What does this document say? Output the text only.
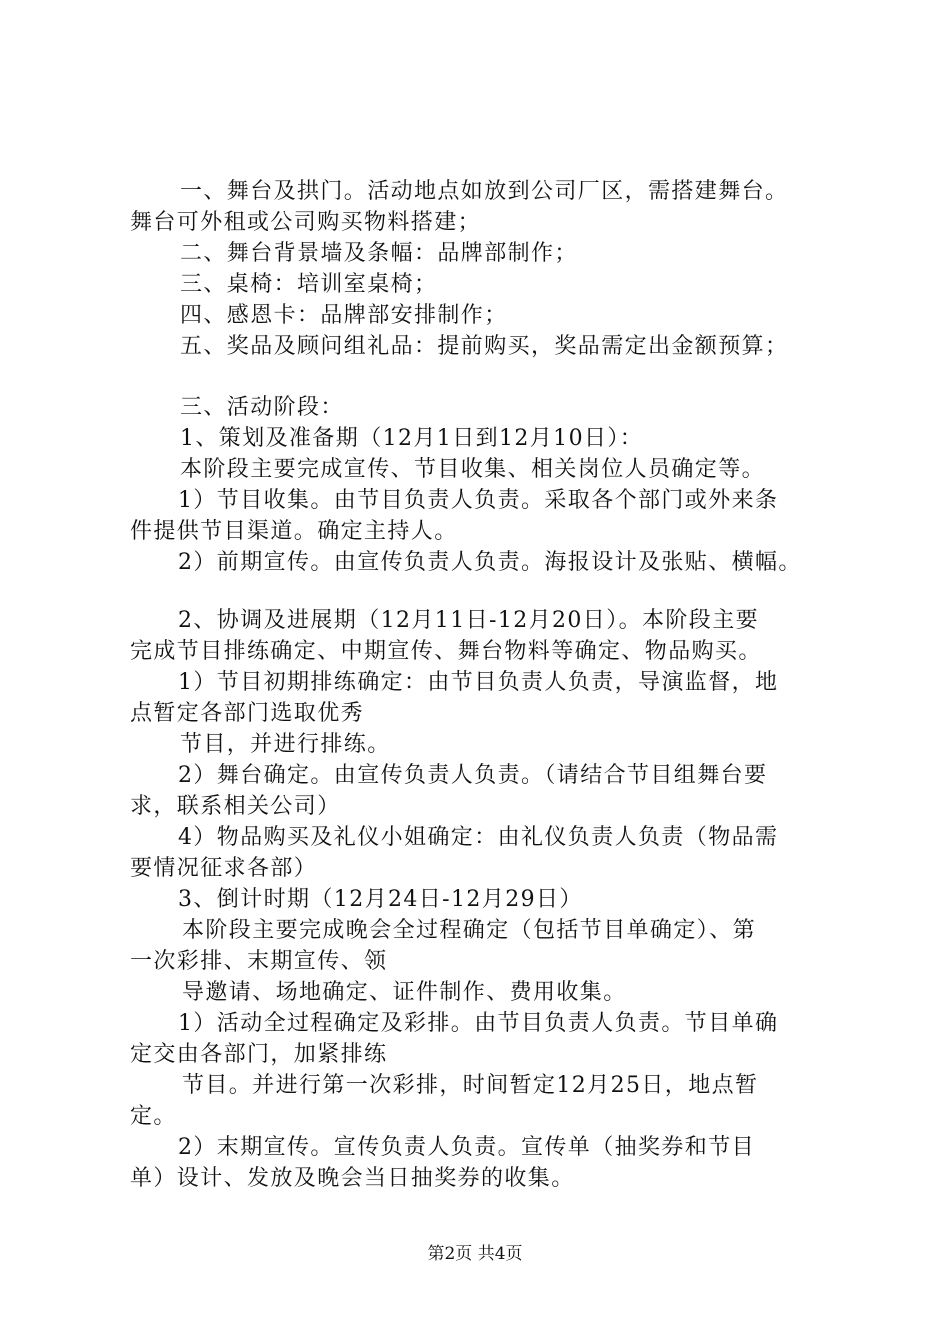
一、舞台及拱门。活动地点如放到公司厂区，需搭建舞台。
舞台可外租或公司购买物料搭建；
二、舞台背景墙及条幅：品牌部制作；
三、桌椅：培训室桌椅；
四、感恩卡：品牌部安排制作；
五、奖品及顾问组礼品：提前购买，奖品需定出金额预算；
三、活动阶段：
1、策划及准备期（12月1日到12月10日）：
本阶段主要完成宣传、节目收集、相关岗位人员确定等。
1）节目收集。由节目负责人负责。采取各个部门或外来条
件提供节目渠道。确定主持人。
2）前期宣传。由宣传负责人负责。海报设计及张贴、横幅。
2、协调及进展期（12月11日-12月20日）。本阶段主要
完成节目排练确定、中期宣传、舞台物料等确定、物品购买。
1）节目初期排练确定：由节目负责人负责，导演监督，地
点暂定各部门选取优秀
节目，并进行排练。
2）舞台确定。由宣传负责人负责。（请结合节目组舞台要
求，联系相关公司）
4）物品购买及礼仪小姐确定：由礼仪负责人负责（物品需
要情况征求各部）
3、倒计时期（12月24日-12月29日）
本阶段主要完成晚会全过程确定（包括节目单确定）、第
一次彩排、末期宣传、领
导邀请、场地确定、证件制作、费用收集。
1）活动全过程确定及彩排。由节目负责人负责。节目单确
定交由各部门，加紧排练
节目。并进行第一次彩排，时间暂定12月25日，地点暂
定。
2）末期宣传。宣传负责人负责。宣传单（抽奖券和节目
单）设计、发放及晚会当日抽奖券的收集。
第2页 共4页
